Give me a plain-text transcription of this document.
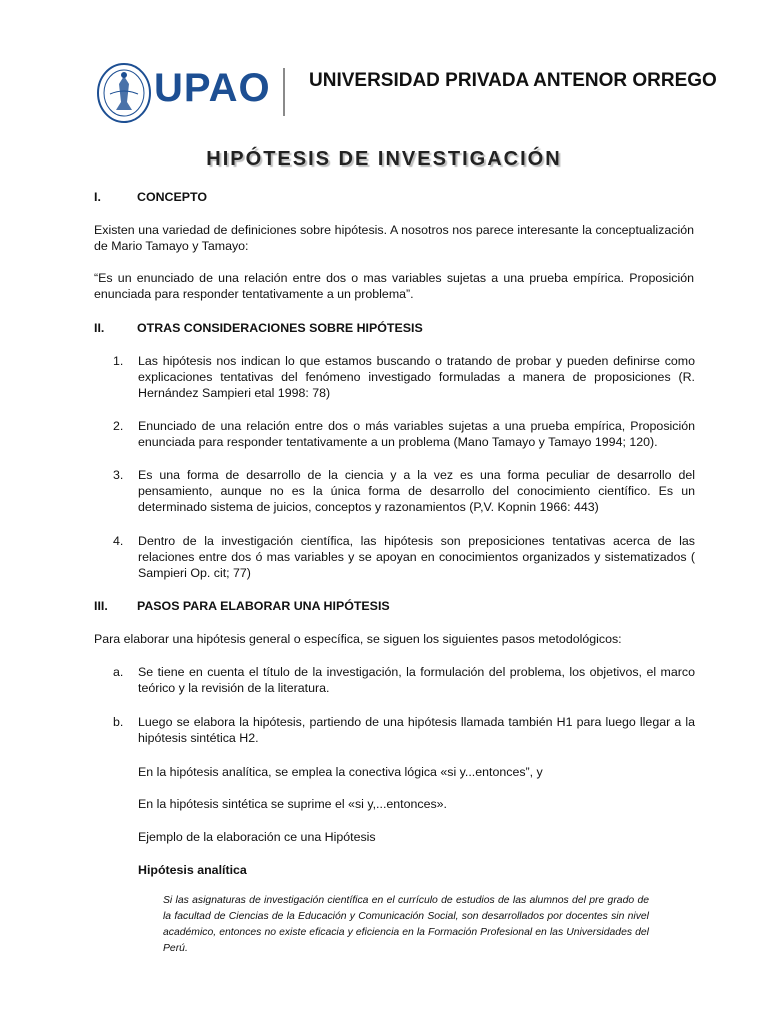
UPAO UNIVERSIDAD PRIVADA ANTENOR ORREGO
HIPÓTESIS DE INVESTIGACIÓN
I.	CONCEPTO
Existen una variedad de definiciones sobre hipótesis. A nosotros nos parece interesante la conceptualización de Mario Tamayo y Tamayo:
“Es un enunciado de una relación entre dos o mas variables sujetas a una prueba empírica. Proposición enunciada para responder tentativamente a un problema”.
II.	OTRAS CONSIDERACIONES SOBRE HIPÓTESIS
1. Las hipótesis nos indican lo que estamos buscando o tratando de probar y pueden definirse como explicaciones tentativas del fenómeno investigado formuladas a manera de proposiciones (R. Hernández Sampieri etal 1998: 78)
2. Enunciado de una relación entre dos o más variables sujetas a una prueba empírica, Proposición enunciada para responder tentativamente a un problema (Mano Tamayo y Tamayo 1994; 120).
3. Es una forma de desarrollo de la ciencia y a la vez es una forma peculiar de desarrollo del pensamiento, aunque no es la única forma de desarrollo del conocimiento científico. Es un determinado sistema de juicios, conceptos y razonamientos (P,V. Kopnin 1966: 443)
4. Dentro de la investigación científica, las hipótesis son preposiciones tentativas acerca de las relaciones entre dos ó mas variables y se apoyan en conocimientos organizados y sistematizados ( Sampieri Op. cit; 77)
III. PASOS PARA ELABORAR UNA HIPÓTESIS
Para elaborar una hipótesis general o específica, se siguen los siguientes pasos metodológicos:
a. Se tiene en cuenta el título de la investigación, la formulación del problema, los objetivos, el marco teórico y la revisión de la literatura.
b. Luego se elabora la hipótesis, partiendo de una hipótesis llamada también H1 para luego llegar a la hipótesis sintética H2.
En la hipótesis analítica, se emplea la conectiva lógica «si y...entonces”, y
En la hipótesis sintética se suprime el «si y,...entonces».
Ejemplo de la elaboración ce una Hipótesis
Hipótesis analítica
Si las asignaturas de investigación científica en el currículo de estudios de las alumnos del pre grado de la facultad de Ciencias de la Educación y Comunicación Social, son desarrollados por docentes sin nivel académico, entonces no existe eficacia y eficiencia en la Formación Profesional en las Universidades del Perú.
